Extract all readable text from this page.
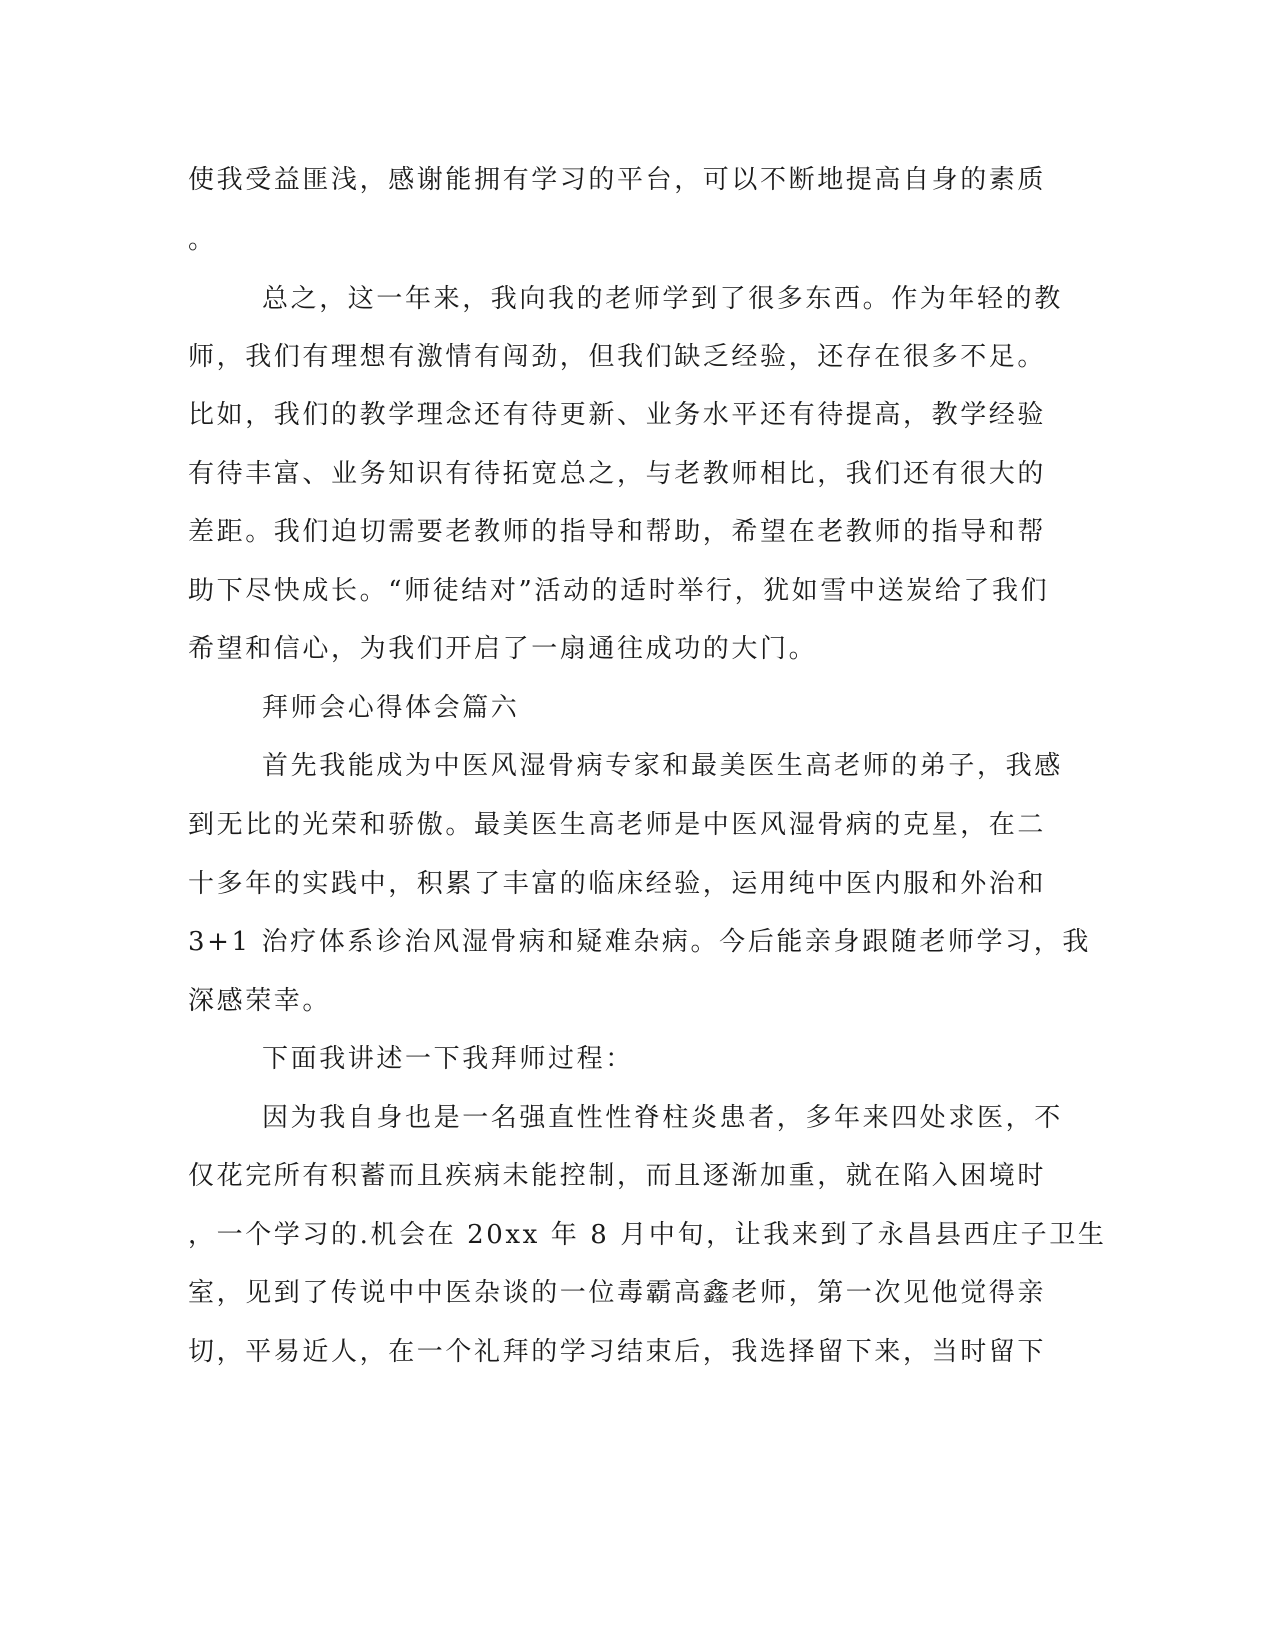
使我受益匪浅，感谢能拥有学习的平台，可以不断地提高自身的素质
。
总之，这一年来，我向我的老师学到了很多东西。作为年轻的教
师，我们有理想有激情有闯劲，但我们缺乏经验，还存在很多不足。
比如，我们的教学理念还有待更新、业务水平还有待提高，教学经验
有待丰富、业务知识有待拓宽总之，与老教师相比，我们还有很大的
差距。我们迫切需要老教师的指导和帮助，希望在老教师的指导和帮
助下尽快成长。“师徒结对”活动的适时举行，犹如雪中送炭给了我们
希望和信心，为我们开启了一扇通往成功的大门。
拜师会心得体会篇六
首先我能成为中医风湿骨病专家和最美医生高老师的弟子，我感
到无比的光荣和骄傲。最美医生高老师是中医风湿骨病的克星，在二
十多年的实践中，积累了丰富的临床经验，运用纯中医内服和外治和
3+1 治疗体系诊治风湿骨病和疑难杂病。今后能亲身跟随老师学习，我
深感荣幸。
下面我讲述一下我拜师过程：
因为我自身也是一名强直性性脊柱炎患者，多年来四处求医，不
仅花完所有积蓄而且疾病未能控制，而且逐渐加重，就在陷入困境时
，一个学习的.机会在 20xx 年 8 月中旬，让我来到了永昌县西庄子卫生
室，见到了传说中中医杂谈的一位毒霸高鑫老师，第一次见他觉得亲
切，平易近人，在一个礼拜的学习结束后，我选择留下来，当时留下
